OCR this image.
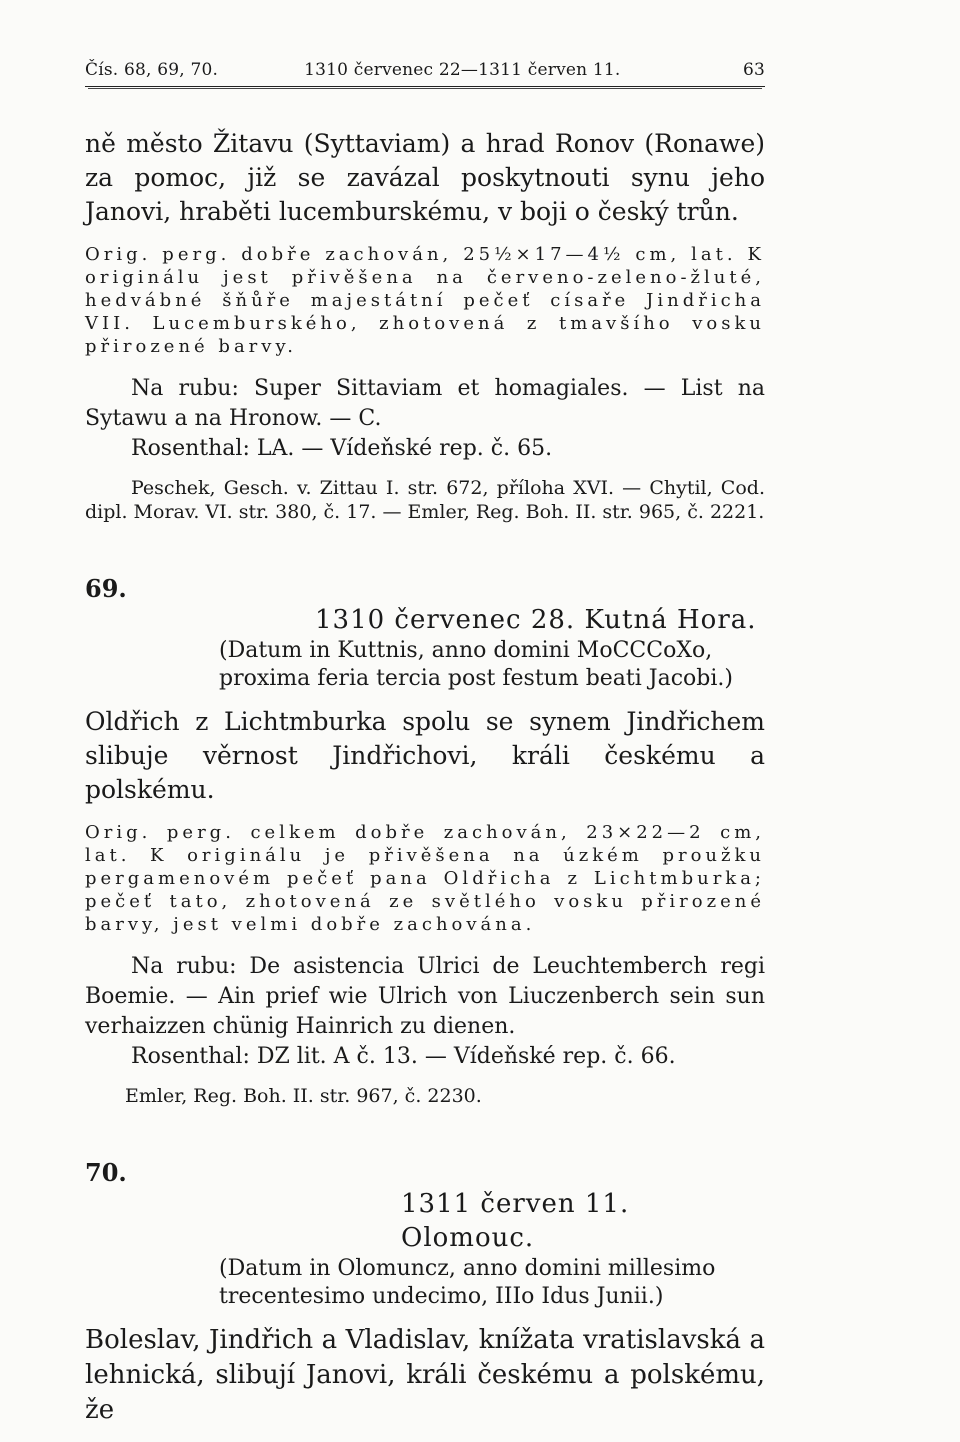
Čís. 68, 69, 70.	1310 červenec 22—1311 červen 11.	63

ně město Žitavu (Syttaviam) a hrad Ronov (Ronawe) za pomoc, již se zavázal poskytnouti synu jeho Janovi, hraběti lucemburskému, v boji o český trůn.

Orig. perg. dobře zachován, 25½×17—4½ cm, lat. K originálu jest přivěšena na červeno-zeleno-žluté, hedvábné šňůře majestátní pečeť císaře Jindřicha VII. Lucemburského, zhotovená z tmavšího vosku přirozené barvy.

Na rubu: Super Sittaviam et homagiales. — List na Sytawu a na Hronow. — C.

Rosenthal: LA. — Vídeňské rep. č. 65.

Peschek, Gesch. v. Zittau I. str. 672, příloha XVI. — Chytil, Cod. dipl. Morav. VI. str. 380, č. 17. — Emler, Reg. Boh. II. str. 965, č. 2221.

69.
1310 červenec 28. Kutná Hora.
(Datum in Kuttnis, anno domini MoCCCoXo, proxima feria tercia post festum beati Jacobi.)

Oldřich z Lichtmburka spolu se synem Jindřichem slibuje věrnost Jindřichovi, králi českému a polskému.

Orig. perg. celkem dobře zachován, 23×22—2 cm, lat. K originálu je přivěšena na úzkém proužku pergamenovém pečeť pana Oldřicha z Lichtmburka; pečeť tato, zhotovená ze světlého vosku přirozené barvy, jest velmi dobře zachována.

Na rubu: De asistencia Ulrici de Leuchtemberch regi Boemie. — Ain prief wie Ulrich von Liuczenberch sein sun verhaizzen chünig Hainrich zu dienen.

Rosenthal: DZ lit. A č. 13. — Vídeňské rep. č. 66.

Emler, Reg. Boh. II. str. 967, č. 2230.

70.
1311 červen 11. Olomouc.
(Datum in Olomuncz, anno domini millesimo trecentesimo undecimo, IIIo Idus Junii.)

Boleslav, Jindřich a Vladislav, knížata vratislavská a lehnická, slibují Janovi, králi českému a polskému, že
